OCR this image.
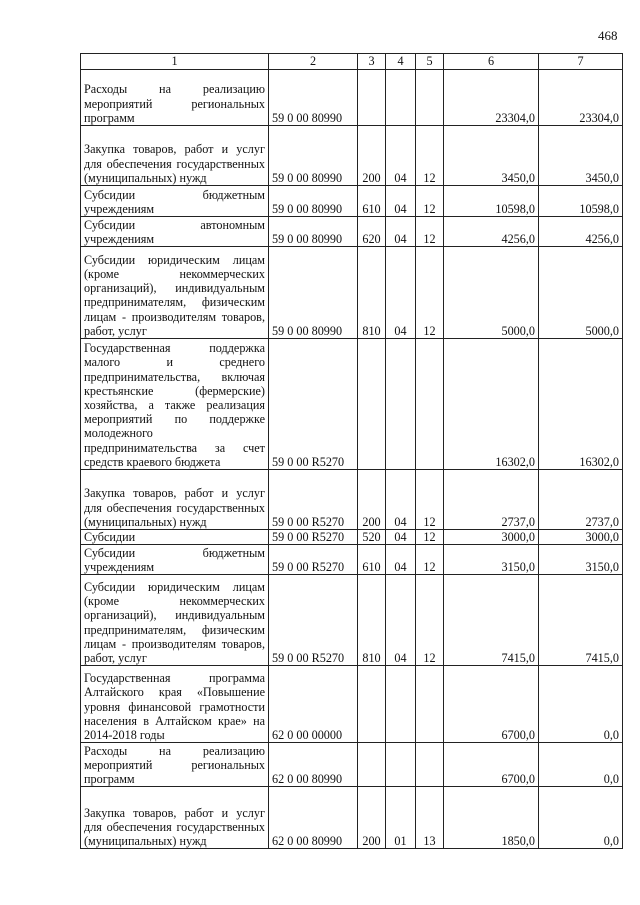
468
1	2	3	4	5	6	7
Расходы на реализацию мероприятий региональных программ	59 0 00 80990				23304,0	23304,0
Закупка товаров, работ и услуг для обеспечения государственных (муниципальных) нужд	59 0 00 80990	200	04	12	3450,0	3450,0
Субсидии бюджетным учреждениям	59 0 00 80990	610	04	12	10598,0	10598,0
Субсидии автономным учреждениям	59 0 00 80990	620	04	12	4256,0	4256,0
Субсидии юридическим лицам (кроме некоммерческих организаций), индивидуальным предпринимателям, физическим лицам - производителям товаров, работ, услуг	59 0 00 80990	810	04	12	5000,0	5000,0
Государственная поддержка малого и среднего предпринимательства, включая крестьянские (фермерские) хозяйства, а также реализация мероприятий по поддержке молодежного предпринимательства за счет средств краевого бюджета	59 0 00 R5270				16302,0	16302,0
Закупка товаров, работ и услуг для обеспечения государственных (муниципальных) нужд	59 0 00 R5270	200	04	12	2737,0	2737,0
Субсидии	59 0 00 R5270	520	04	12	3000,0	3000,0
Субсидии бюджетным учреждениям	59 0 00 R5270	610	04	12	3150,0	3150,0
Субсидии юридическим лицам (кроме некоммерческих организаций), индивидуальным предпринимателям, физическим лицам - производителям товаров, работ, услуг	59 0 00 R5270	810	04	12	7415,0	7415,0
Государственная программа Алтайского края «Повышение уровня финансовой грамотности населения в Алтайском крае» на 2014-2018 годы	62 0 00 00000				6700,0	0,0
Расходы на реализацию мероприятий региональных программ	62 0 00 80990				6700,0	0,0
Закупка товаров, работ и услуг для обеспечения государственных (муниципальных) нужд	62 0 00 80990	200	01	13	1850,0	0,0
